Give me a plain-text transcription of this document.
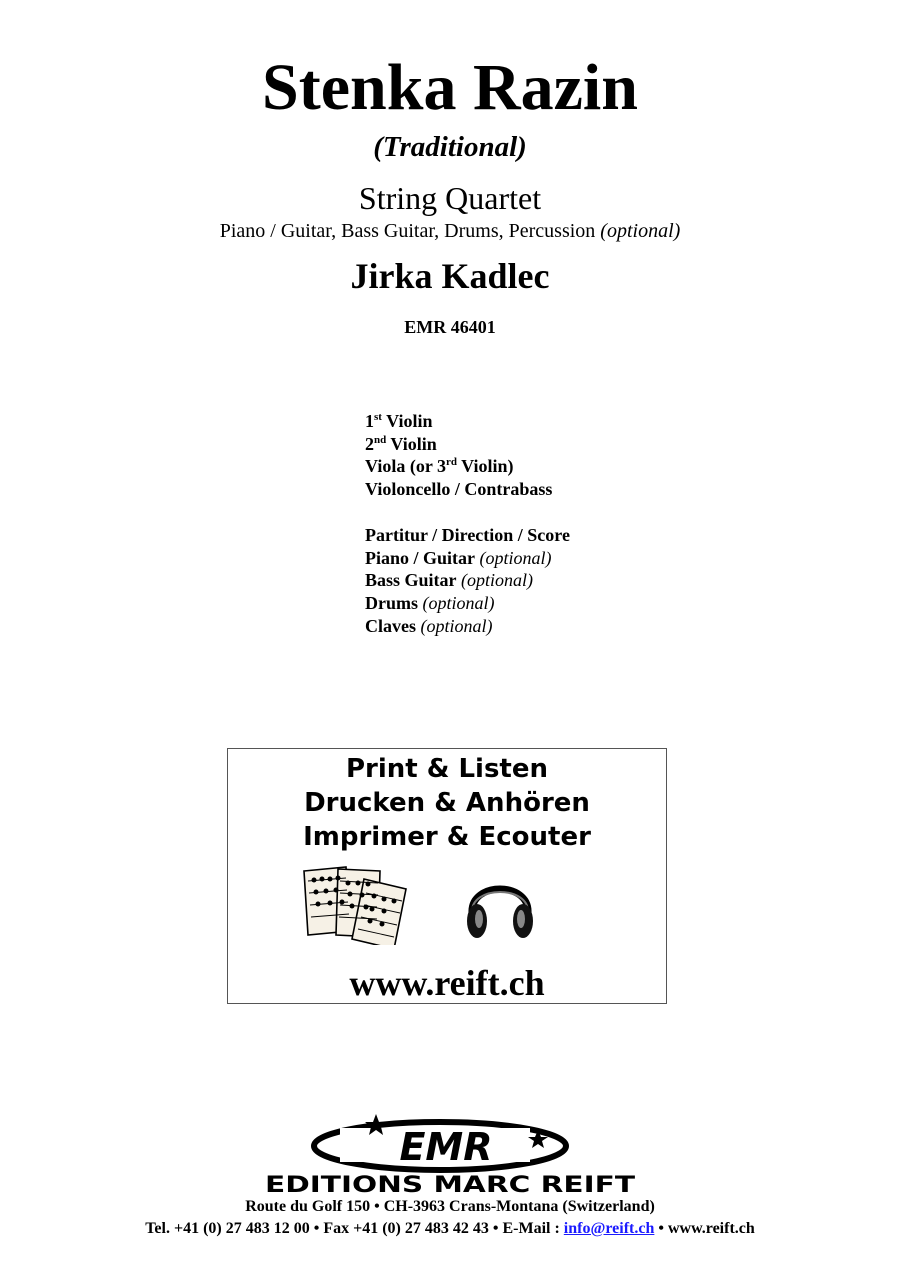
Stenka Razin
(Traditional)
String Quartet
Piano / Guitar, Bass Guitar, Drums, Percussion (optional)
Jirka Kadlec
EMR 46401
1st Violin
2nd Violin
Viola (or 3rd Violin)
Violoncello / Contrabass
Partitur / Direction / Score
Piano / Guitar (optional)
Bass Guitar (optional)
Drums (optional)
Claves (optional)
Print & Listen
Drucken & Anhören
Imprimer & Ecouter
www.reift.ch
EMR
EDITIONS MARC REIFT
Route du Golf 150 • CH-3963 Crans-Montana (Switzerland)
Tel. +41 (0) 27 483 12 00 • Fax +41 (0) 27 483 42 43 • E-Mail : info@reift.ch • www.reift.ch
